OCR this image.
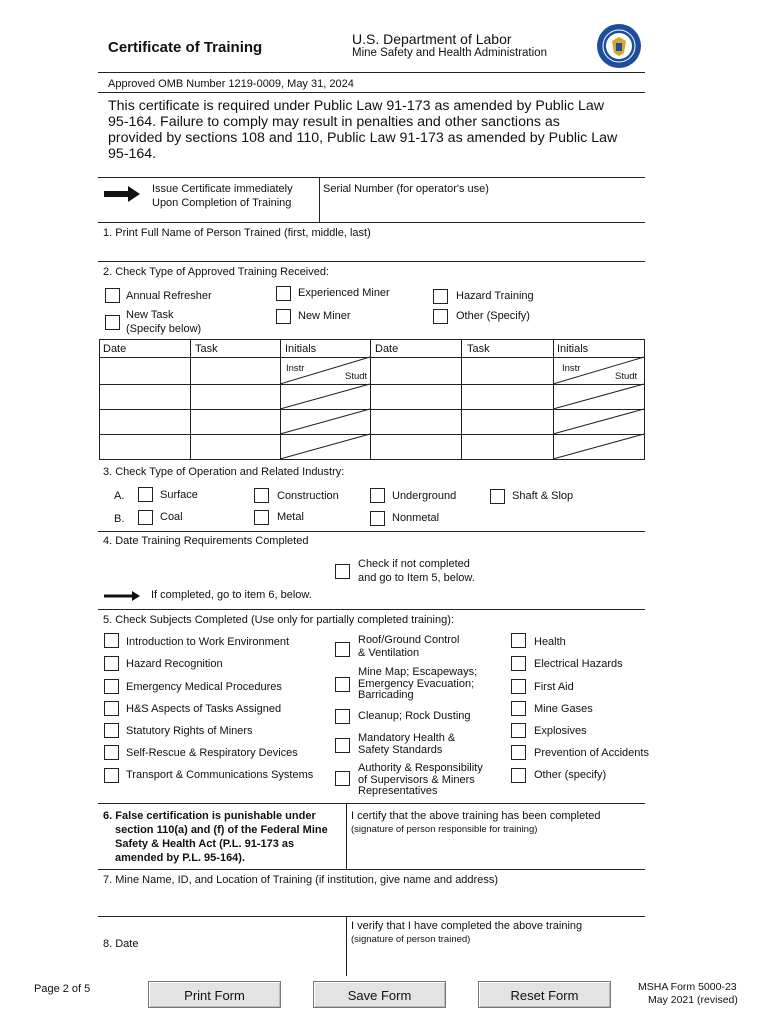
Certificate of Training	U.S. Department of Labor
Mine Safety and Health Administration
Approved OMB Number 1219-0009, May 31, 2024
This certificate is required under Public Law 91-173 as amended by Public Law 95-164. Failure to comply may result in penalties and other sanctions as provided by sections 108 and 110, Public Law 91-173 as amended by Public Law 95-164.
Issue Certificate immediately
Upon Completion of Training
Serial Number (for operator's use)
1. Print Full Name of Person Trained (first, middle, last)
2. Check Type of Approved Training Received:
Annual Refresher
New Task
(Specify below)
Experienced Miner
New Miner
Hazard Training
Other (Specify)
Date	Task	Initials	Date	Task	Initials
Instr
Studt
Instr
Studt
3. Check Type of Operation and Related Industry:
A.
B.
Surface
Coal
Construction
Metal
Underground
Nonmetal
Shaft & Slop
4. Date Training Requirements Completed
Check if not completed
and go to Item 5, below.
If completed, go to item 6, below.
5. Check Subjects Completed (Use only for partially completed training):
Introduction to Work Environment
Hazard Recognition
Emergency Medical Procedures
H&S Aspects of Tasks Assigned
Statutory Rights of Miners
Self-Rescue & Respiratory Devices
Transport & Communications Systems
Roof/Ground Control
& Ventilation
Mine Map; Escapeways;
Emergency Evacuation;
Barricading
Cleanup; Rock Dusting
Mandatory Health &
Safety Standards
Authority & Responsibility
of Supervisors & Miners
Representatives
Health
Electrical Hazards
First Aid
Mine Gases
Explosives
Prevention of Accidents
Other (specify)
6. False certification is punishable under
section 110(a) and (f) of the Federal Mine
Safety & Health Act (P.L. 91-173 as
amended by P.L. 95-164).
I certify that the above training has been completed
(signature of person responsible for training)
7. Mine Name, ID, and Location of Training (if institution, give name and address)
8. Date
I verify that I have completed the above training
(signature of person trained)
Page 2 of 5	Print Form	Save Form	Reset Form
MSHA Form 5000-23
May 2021 (revised)
